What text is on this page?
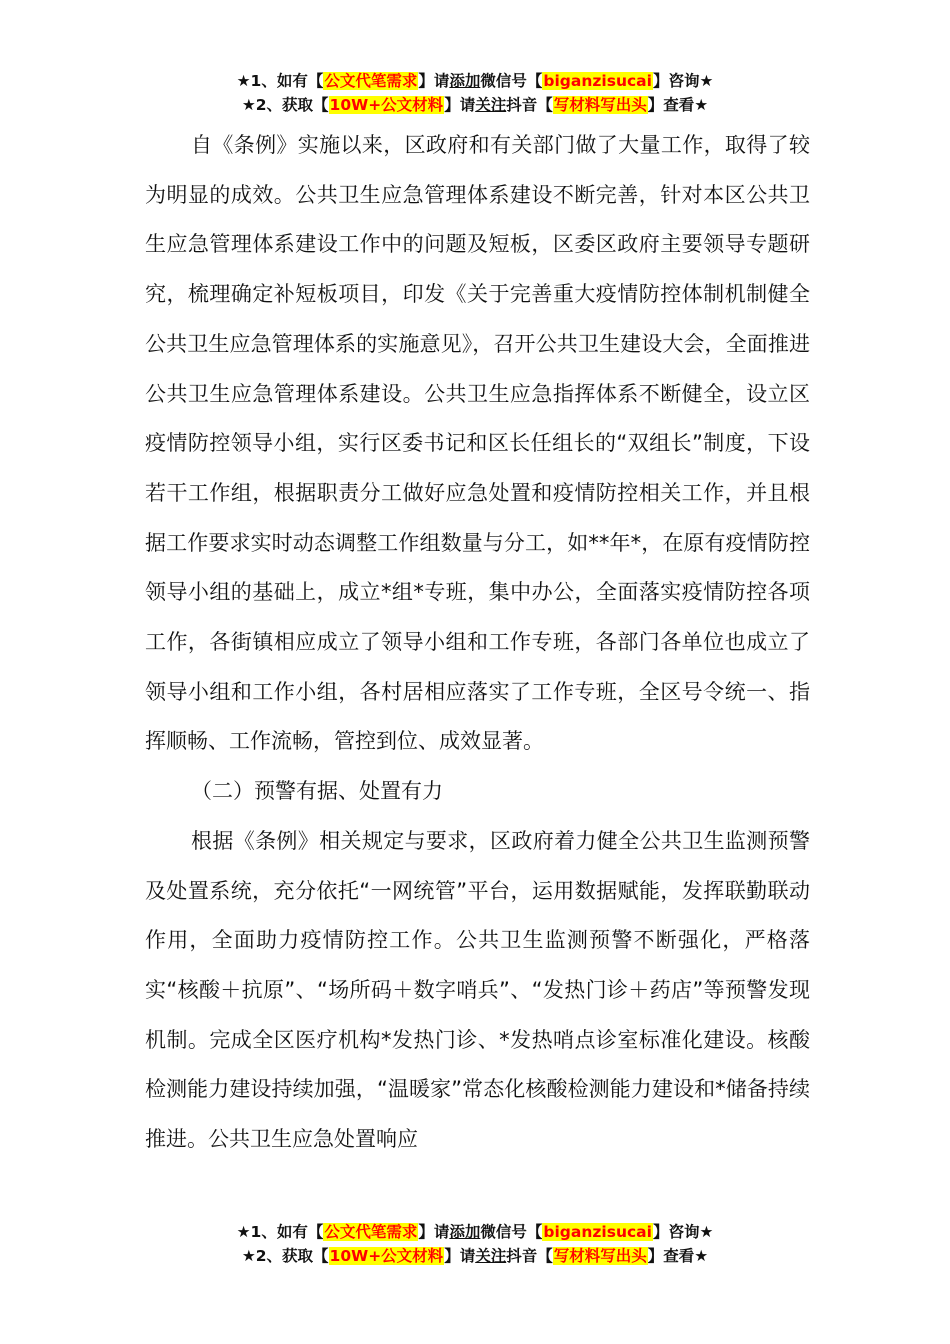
★1、如有【公文代笔需求】请添加微信号【biganzisucai】咨询★
★2、获取【10W+公文材料】请关注抖音【写材料写出头】查看★

自《条例》实施以来，区政府和有关部门做了大量工作，取得了较为明显的成效。公共卫生应急管理体系建设不断完善，针对本区公共卫生应急管理体系建设工作中的问题及短板，区委区政府主要领导专题研究，梳理确定补短板项目，印发《关于完善重大疫情防控体制机制健全公共卫生应急管理体系的实施意见》，召开公共卫生建设大会，全面推进公共卫生应急管理体系建设。公共卫生应急指挥体系不断健全，设立区疫情防控领导小组，实行区委书记和区长任组长的“双组长”制度，下设若干工作组，根据职责分工做好应急处置和疫情防控相关工作，并且根据工作要求实时动态调整工作组数量与分工，如**年*，在原有疫情防控领导小组的基础上，成立*组*专班，集中办公，全面落实疫情防控各项工作，各街镇相应成立了领导小组和工作专班，各部门各单位也成立了领导小组和工作小组，各村居相应落实了工作专班，全区号令统一、指挥顺畅、工作流畅，管控到位、成效显著。

（二）预警有据、处置有力

根据《条例》相关规定与要求，区政府着力健全公共卫生监测预警及处置系统，充分依托“一网统管”平台，运用数据赋能，发挥联勤联动作用，全面助力疫情防控工作。公共卫生监测预警不断强化，严格落实“核酸＋抗原”、“场所码＋数字哨兵”、“发热门诊＋药店”等预警发现机制。完成全区医疗机构*发热门诊、*发热哨点诊室标准化建设。核酸检测能力建设持续加强，“温暖家”常态化核酸检测能力建设和*储备持续推进。公共卫生应急处置响应

★1、如有【公文代笔需求】请添加微信号【biganzisucai】咨询★
★2、获取【10W+公文材料】请关注抖音【写材料写出头】查看★
